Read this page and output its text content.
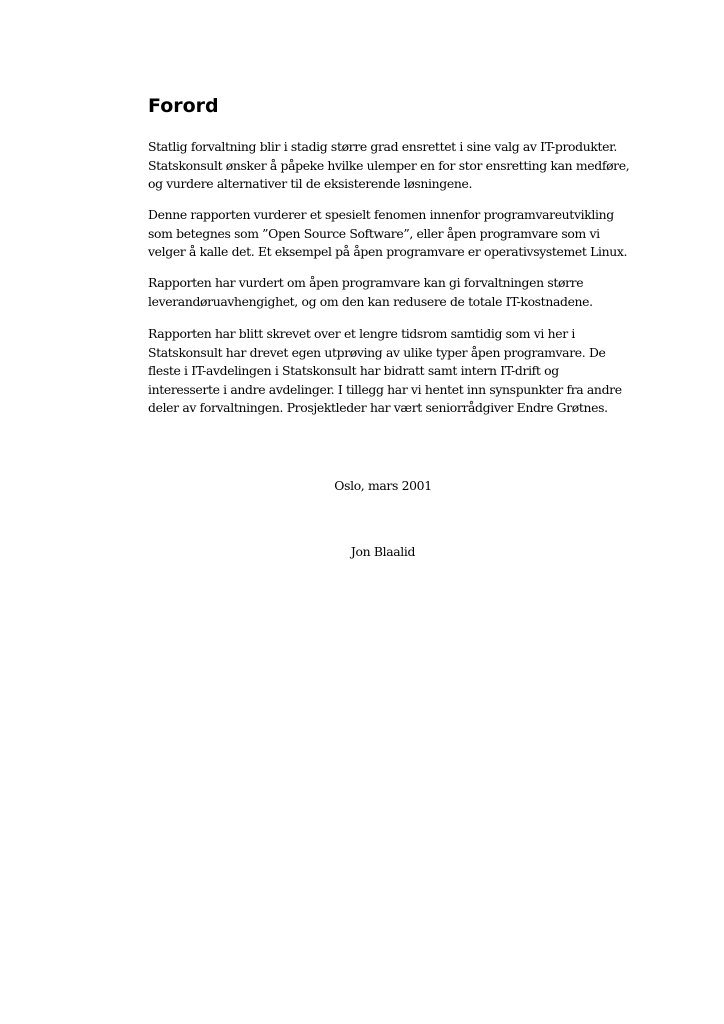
Forord

Statlig forvaltning blir i stadig større grad ensrettet i sine valg av IT-produkter.
Statskonsult ønsker å påpeke hvilke ulemper en for stor ensretting kan medføre,
og vurdere alternativer til de eksisterende løsningene.

Denne rapporten vurderer et spesielt fenomen innenfor programvareutvikling
som betegnes som ”Open Source Software”, eller åpen programvare som vi
velger å kalle det. Et eksempel på åpen programvare er operativsystemet Linux.

Rapporten har vurdert om åpen programvare kan gi forvaltningen større
leverandøruavhengighet, og om den kan redusere de totale IT-kostnadene.

Rapporten har blitt skrevet over et lengre tidsrom samtidig som vi her i
Statskonsult har drevet egen utprøving av ulike typer åpen programvare. De
fleste i IT-avdelingen i Statskonsult har bidratt samt intern IT-drift og
interesserte i andre avdelinger. I tillegg har vi hentet inn synspunkter fra andre
deler av forvaltningen. Prosjektleder har vært seniorrådgiver Endre Grøtnes.

Oslo, mars 2001

Jon Blaalid
